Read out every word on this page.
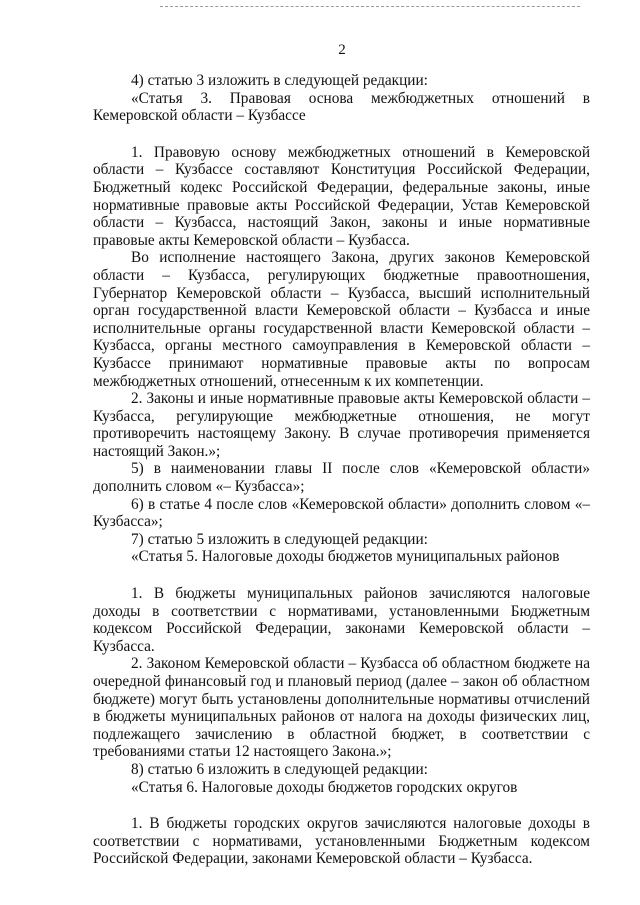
2

4) статью 3 изложить в следующей редакции:

«Статья 3. Правовая основа межбюджетных отношений в Кемеровской области – Кузбассе

1. Правовую основу межбюджетных отношений в Кемеровской области – Кузбассе составляют Конституция Российской Федерации, Бюджетный кодекс Российской Федерации, федеральные законы, иные нормативные правовые акты Российской Федерации, Устав Кемеровской области – Кузбасса, настоящий Закон, законы и иные нормативные правовые акты Кемеровской области – Кузбасса.

Во исполнение настоящего Закона, других законов Кемеровской области – Кузбасса, регулирующих бюджетные правоотношения, Губернатор Кемеровской области – Кузбасса, высший исполнительный орган государственной власти Кемеровской области – Кузбасса и иные исполнительные органы государственной власти Кемеровской области – Кузбасса, органы местного самоуправления в Кемеровской области – Кузбассе принимают нормативные правовые акты по вопросам межбюджетных отношений, отнесенным к их компетенции.

2. Законы и иные нормативные правовые акты Кемеровской области – Кузбасса, регулирующие межбюджетные отношения, не могут противоречить настоящему Закону. В случае противоречия применяется настоящий Закон.»;

5) в наименовании главы II после слов «Кемеровской области» дополнить словом «– Кузбасса»;

6) в статье 4 после слов «Кемеровской области» дополнить словом «– Кузбасса»;

7) статью 5 изложить в следующей редакции:

«Статья 5. Налоговые доходы бюджетов муниципальных районов

1. В бюджеты муниципальных районов зачисляются налоговые доходы в соответствии с нормативами, установленными Бюджетным кодексом Российской Федерации, законами Кемеровской области – Кузбасса.

2. Законом Кемеровской области – Кузбасса об областном бюджете на очередной финансовый год и плановый период (далее – закон об областном бюджете) могут быть установлены дополнительные нормативы отчислений в бюджеты муниципальных районов от налога на доходы физических лиц, подлежащего зачислению в областной бюджет, в соответствии с требованиями статьи 12 настоящего Закона.»;

8) статью 6 изложить в следующей редакции:

«Статья 6. Налоговые доходы бюджетов городских округов

1. В бюджеты городских округов зачисляются налоговые доходы в соответствии с нормативами, установленными Бюджетным кодексом Российской Федерации, законами Кемеровской области – Кузбасса.
